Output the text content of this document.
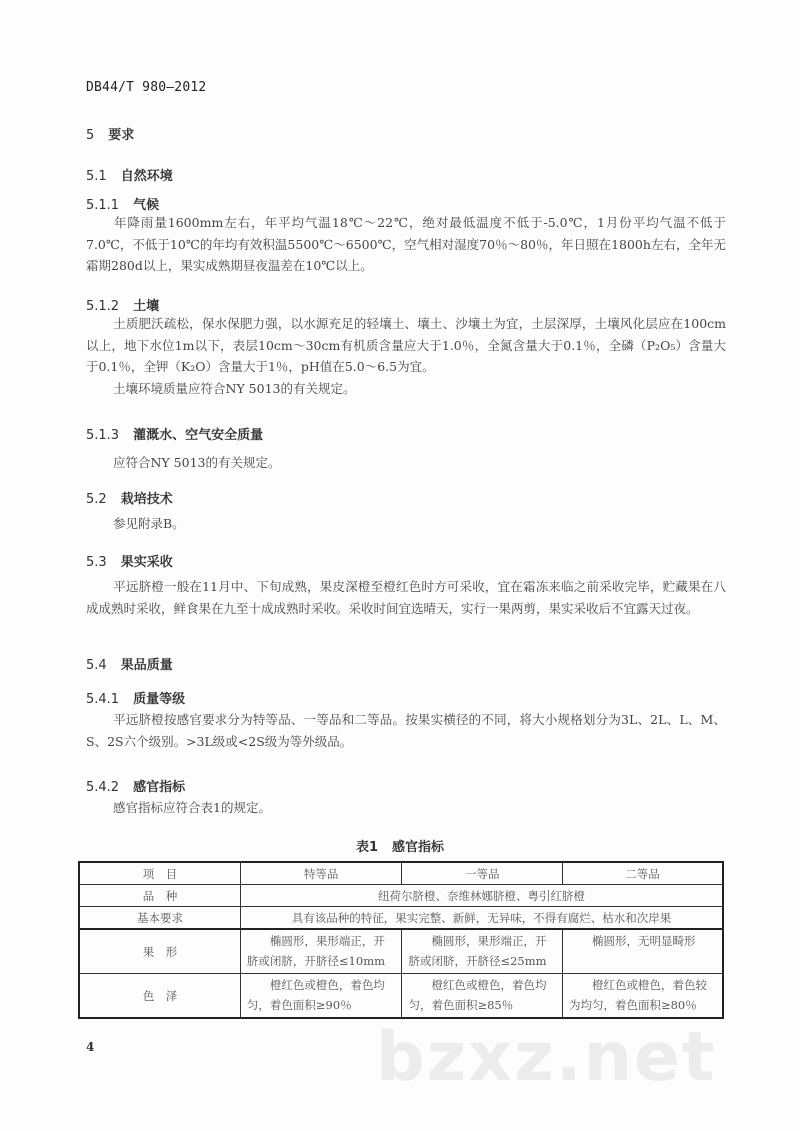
DB44/T 980—2012
5 要求
5.1 自然环境
5.1.1 气候
年降雨量1600mm左右，年平均气温18℃～22℃，绝对最低温度不低于-5.0℃，1月份平均气温不低于7.0℃，不低于10℃的年均有效积温5500℃～6500℃，空气相对湿度70％～80％，年日照在1800h左右，全年无霜期280d以上，果实成熟期昼夜温差在10℃以上。
5.1.2 土壤
土质肥沃疏松，保水保肥力强，以水源充足的轻壤土、壤土、沙壤土为宜，土层深厚，土壤风化层应在100cm以上，地下水位1m以下，表层10cm～30cm有机质含量应大于1.0％，全氮含量大于0.1％，全磷（P₂O₅）含量大于0.1％，全钾（K₂O）含量大于1％，pH值在5.0～6.5为宜。
土壤环境质量应符合NY 5013的有关规定。
5.1.3 灌溉水、空气安全质量
应符合NY 5013的有关规定。
5.2 栽培技术
参见附录B。
5.3 果实采收
平远脐橙一般在11月中、下旬成熟，果皮深橙至橙红色时方可采收，宜在霜冻来临之前采收完毕，贮藏果在八成成熟时采收，鲜食果在九至十成成熟时采收。采收时间宜选晴天，实行一果两剪，果实采收后不宜露天过夜。
5.4 果品质量
5.4.1 质量等级
平远脐橙按感官要求分为特等品、一等品和二等品。按果实横径的不同，将大小规格划分为3L、2L、L、M、S、2S六个级别。>3L级或<2S级为等外级品。
5.4.2 感官指标
感官指标应符合表1的规定。
表1 感官指标
项　目	特等品	一等品	二等品
品　种	纽荷尔脐橙、奈维林娜脐橙、粤引红脐橙		
基本要求	具有该品种的特征，果实完整、新鲜，无异味，不得有腐烂、枯水和次岸果		
果　形	椭圆形，果形端正，开脐或闭脐，开脐径≤10mm	椭圆形，果形端正，开脐或闭脐，开脐径≤25mm	椭圆形，无明显畸形
色　泽	橙红色或橙色，着色均匀，着色面积≥90％	橙红色或橙色，着色均匀，着色面积≥85％	橙红色或橙色，着色较为均匀，着色面积≥80％
bzxz.net
4
